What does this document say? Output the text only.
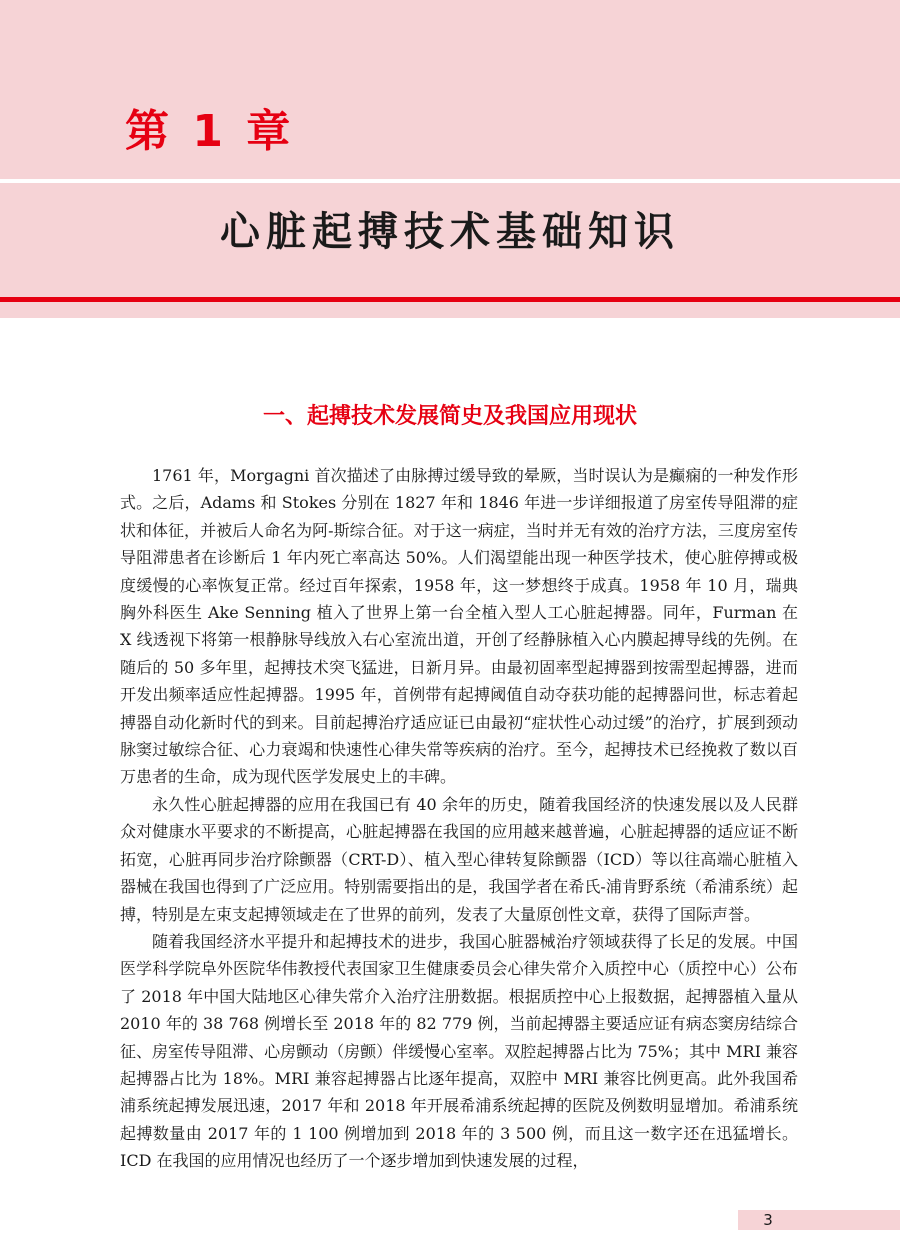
第 1 章
心脏起搏技术基础知识
一、起搏技术发展简史及我国应用现状

1761 年，Morgagni 首次描述了由脉搏过缓导致的晕厥，当时误认为是癫痫的一种发作形式。之后，Adams 和 Stokes 分别在 1827 年和 1846 年进一步详细报道了房室传导阻滞的症状和体征，并被后人命名为阿-斯综合征。对于这一病症，当时并无有效的治疗方法，三度房室传导阻滞患者在诊断后 1 年内死亡率高达 50%。人们渴望能出现一种医学技术，使心脏停搏或极度缓慢的心率恢复正常。经过百年探索，1958 年，这一梦想终于成真。1958 年 10 月，瑞典胸外科医生 Ake Senning 植入了世界上第一台全植入型人工心脏起搏器。同年，Furman 在 X 线透视下将第一根静脉导线放入右心室流出道，开创了经静脉植入心内膜起搏导线的先例。在随后的 50 多年里，起搏技术突飞猛进，日新月异。由最初固率型起搏器到按需型起搏器，进而开发出频率适应性起搏器。1995 年，首例带有起搏阈值自动夺获功能的起搏器问世，标志着起搏器自动化新时代的到来。目前起搏治疗适应证已由最初“症状性心动过缓”的治疗，扩展到颈动脉窦过敏综合征、心力衰竭和快速性心律失常等疾病的治疗。至今，起搏技术已经挽救了数以百万患者的生命，成为现代医学发展史上的丰碑。

永久性心脏起搏器的应用在我国已有 40 余年的历史，随着我国经济的快速发展以及人民群众对健康水平要求的不断提高，心脏起搏器在我国的应用越来越普遍，心脏起搏器的适应证不断拓宽，心脏再同步治疗除颤器（CRT-D）、植入型心律转复除颤器（ICD）等以往高端心脏植入器械在我国也得到了广泛应用。特别需要指出的是，我国学者在希氏-浦肯野系统（希浦系统）起搏，特别是左束支起搏领域走在了世界的前列，发表了大量原创性文章，获得了国际声誉。

随着我国经济水平提升和起搏技术的进步，我国心脏器械治疗领域获得了长足的发展。中国医学科学院阜外医院华伟教授代表国家卫生健康委员会心律失常介入质控中心（质控中心）公布了 2018 年中国大陆地区心律失常介入治疗注册数据。根据质控中心上报数据，起搏器植入量从 2010 年的 38 768 例增长至 2018 年的 82 779 例，当前起搏器主要适应证有病态窦房结综合征、房室传导阻滞、心房颤动（房颤）伴缓慢心室率。双腔起搏器占比为 75%；其中 MRI 兼容起搏器占比为 18%。MRI 兼容起搏器占比逐年提高，双腔中 MRI 兼容比例更高。此外我国希浦系统起搏发展迅速，2017 年和 2018 年开展希浦系统起搏的医院及例数明显增加。希浦系统起搏数量由 2017 年的 1 100 例增加到 2018 年的 3 500 例，而且这一数字还在迅猛增长。ICD 在我国的应用情况也经历了一个逐步增加到快速发展的过程，

3
